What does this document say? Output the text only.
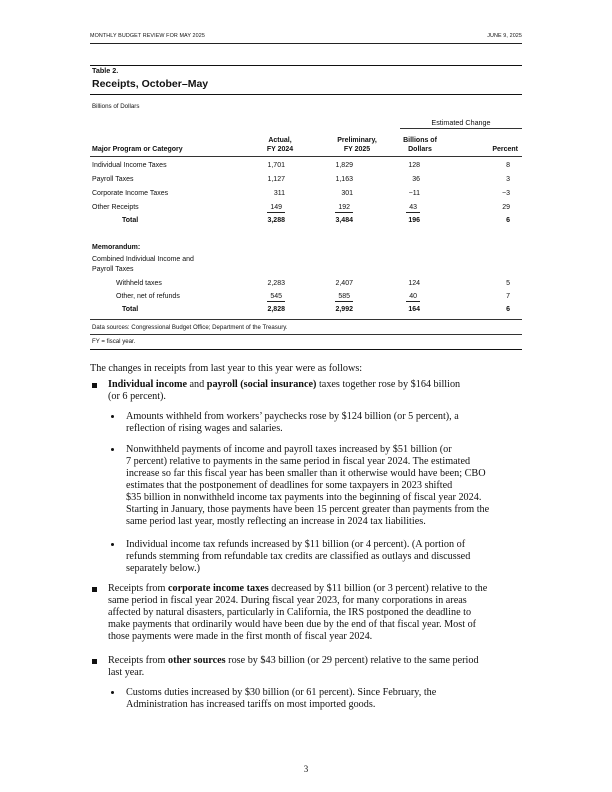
MONTHLY BUDGET REVIEW FOR MAY 2025	JUNE 9, 2025
Table 2.
Receipts, October–May
Billions of Dollars
Estimated Change
Major Program or Category
Actual,
FY 2024
Preliminary,
FY 2025
Billions of
Dollars	Percent
Individual Income Taxes	1,701	1,829	128	8
Payroll Taxes	1,127	1,163	36	3
Corporate Income Taxes	311	301	−11	−3
Other Receipts	149	192	43	29
Total	3,288	3,484	196	6
Memorandum:
Combined Individual Income and
Payroll Taxes
Withheld taxes	2,283	2,407	124	5
Other, net of refunds	545	585	40	7
Total	2,828	2,992	164	6
Data sources: Congressional Budget Office; Department of the Treasury.
FY = fiscal year.
The changes in receipts from last year to this year were as follows:
Individual income and payroll (social insurance) taxes together rose by $164 billion
(or 6 percent).
Amounts withheld from workers’ paychecks rose by $124 billion (or 5 percent), a
reflection of rising wages and salaries.
Nonwithheld payments of income and payroll taxes increased by $51 billion (or
7 percent) relative to payments in the same period in fiscal year 2024. The estimated
increase so far this fiscal year has been smaller than it otherwise would have been; CBO
estimates that the postponement of deadlines for some taxpayers in 2023 shifted
$35 billion in nonwithheld income tax payments into the beginning of fiscal year 2024.
Starting in January, those payments have been 15 percent greater than payments from the
same period last year, mostly reflecting an increase in 2024 tax liabilities.
Individual income tax refunds increased by $11 billion (or 4 percent). (A portion of
refunds stemming from refundable tax credits are classified as outlays and discussed
separately below.)
Receipts from corporate income taxes decreased by $11 billion (or 3 percent) relative to the
same period in fiscal year 2024. During fiscal year 2023, for many corporations in areas
affected by natural disasters, particularly in California, the IRS postponed the deadline to
make payments that ordinarily would have been due by the end of that fiscal year. Most of
those payments were made in the first month of fiscal year 2024.
Receipts from other sources rose by $43 billion (or 29 percent) relative to the same period
last year.
Customs duties increased by $30 billion (or 61 percent). Since February, the
Administration has increased tariffs on most imported goods.
3
